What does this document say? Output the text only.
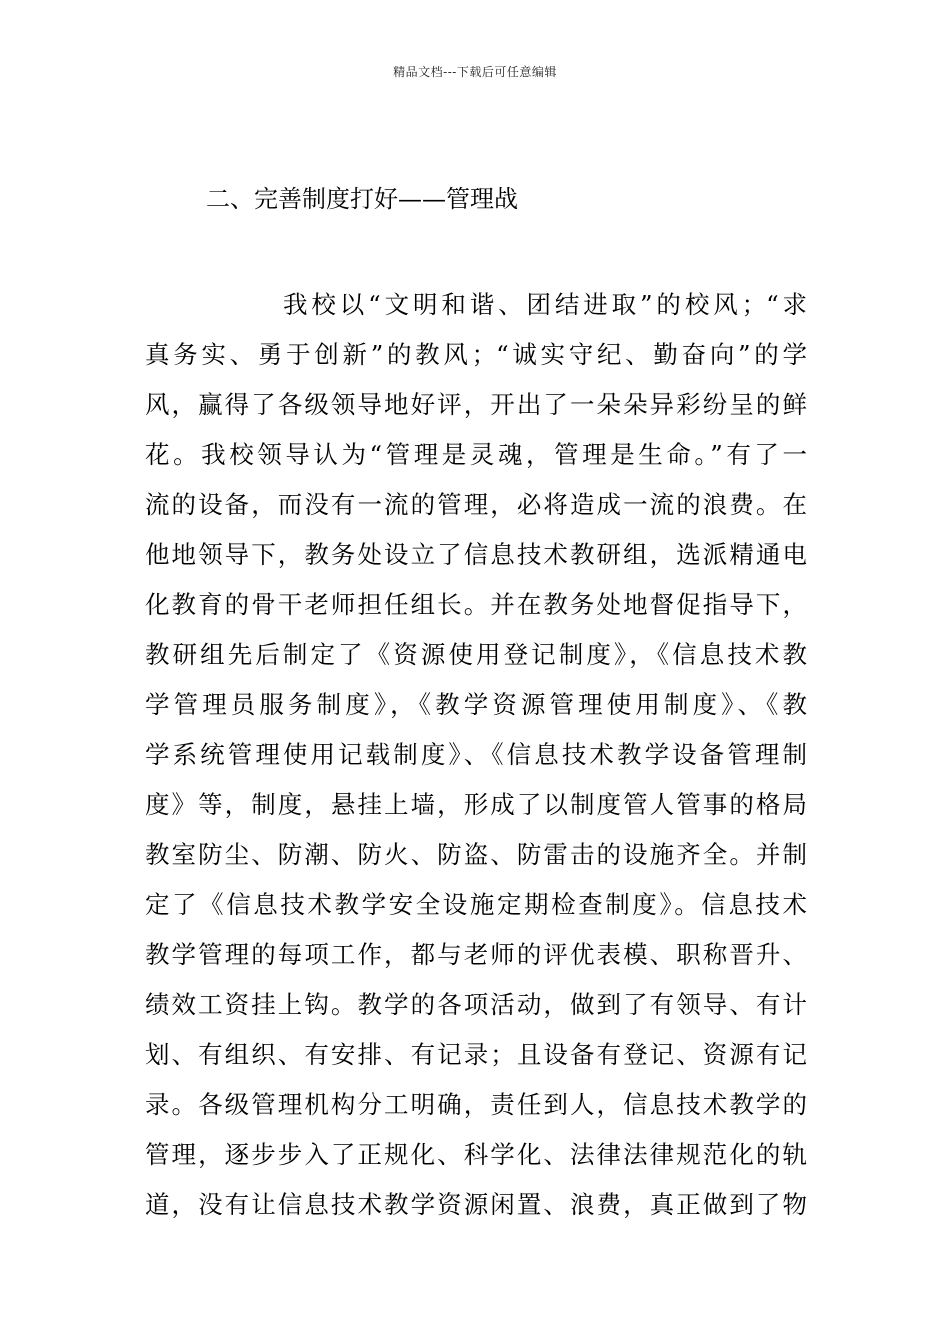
精品文档---下载后可任意编辑
二、完善制度打好——管理战
我校以“文明和谐、团结进取”的校风；“求
真务实、勇于创新”的教风；“诚实守纪、勤奋向”的学
风，赢得了各级领导地好评，开出了一朵朵异彩纷呈的鲜
花。我校领导认为“管理是灵魂，管理是生命。”有了一
流的设备，而没有一流的管理，必将造成一流的浪费。在
他地领导下，教务处设立了信息技术教研组，选派精通电
化教育的骨干老师担任组长。并在教务处地督促指导下，
教研组先后制定了《资源使用登记制度》，《信息技术教
学管理员服务制度》，《教学资源管理使用制度》、《教
学系统管理使用记载制度》、《信息技术教学设备管理制
度》等，制度，悬挂上墙，形成了以制度管人管事的格局
教室防尘、防潮、防火、防盗、防雷击的设施齐全。并制
定了《信息技术教学安全设施定期检查制度》。信息技术
教学管理的每项工作，都与老师的评优表模、职称晋升、
绩效工资挂上钩。教学的各项活动，做到了有领导、有计
划、有组织、有安排、有记录；且设备有登记、资源有记
录。各级管理机构分工明确，责任到人，信息技术教学的
管理，逐步步入了正规化、科学化、法律法律规范化的轨
道，没有让信息技术教学资源闲置、浪费，真正做到了物
